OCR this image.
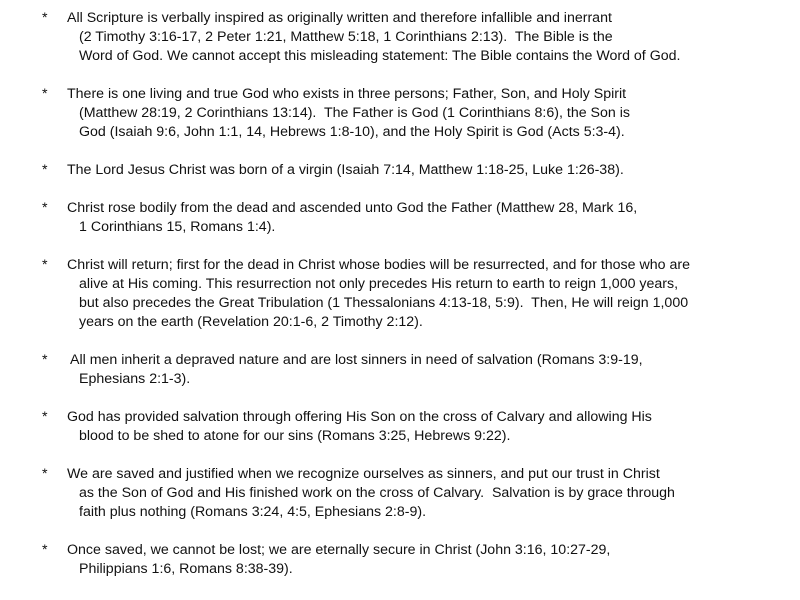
*	All Scripture is verbally inspired as originally written and therefore infallible and inerrant
(2 Timothy 3:16-17, 2 Peter 1:21, Matthew 5:18, 1 Corinthians 2:13).  The Bible is the
Word of God. We cannot accept this misleading statement: The Bible contains the Word of God.
*	There is one living and true God who exists in three persons; Father, Son, and Holy Spirit
(Matthew 28:19, 2 Corinthians 13:14).  The Father is God (1 Corinthians 8:6), the Son is
God (Isaiah 9:6, John 1:1, 14, Hebrews 1:8-10), and the Holy Spirit is God (Acts 5:3-4).
*	The Lord Jesus Christ was born of a virgin (Isaiah 7:14, Matthew 1:18-25, Luke 1:26-38).
*	Christ rose bodily from the dead and ascended unto God the Father (Matthew 28, Mark 16,
1 Corinthians 15, Romans 1:4).
*	Christ will return; first for the dead in Christ whose bodies will be resurrected, and for those who are
alive at His coming. This resurrection not only precedes His return to earth to reign 1,000 years,
but also precedes the Great Tribulation (1 Thessalonians 4:13-18, 5:9).  Then, He will reign 1,000
years on the earth (Revelation 20:1-6, 2 Timothy 2:12).
*	All men inherit a depraved nature and are lost sinners in need of salvation (Romans 3:9-19,
Ephesians 2:1-3).
*	God has provided salvation through offering His Son on the cross of Calvary and allowing His
blood to be shed to atone for our sins (Romans 3:25, Hebrews 9:22).
*	We are saved and justified when we recognize ourselves as sinners, and put our trust in Christ
as the Son of God and His finished work on the cross of Calvary.  Salvation is by grace through
faith plus nothing (Romans 3:24, 4:5, Ephesians 2:8-9).
*	Once saved, we cannot be lost; we are eternally secure in Christ (John 3:16, 10:27-29,
Philippians 1:6, Romans 8:38-39).
